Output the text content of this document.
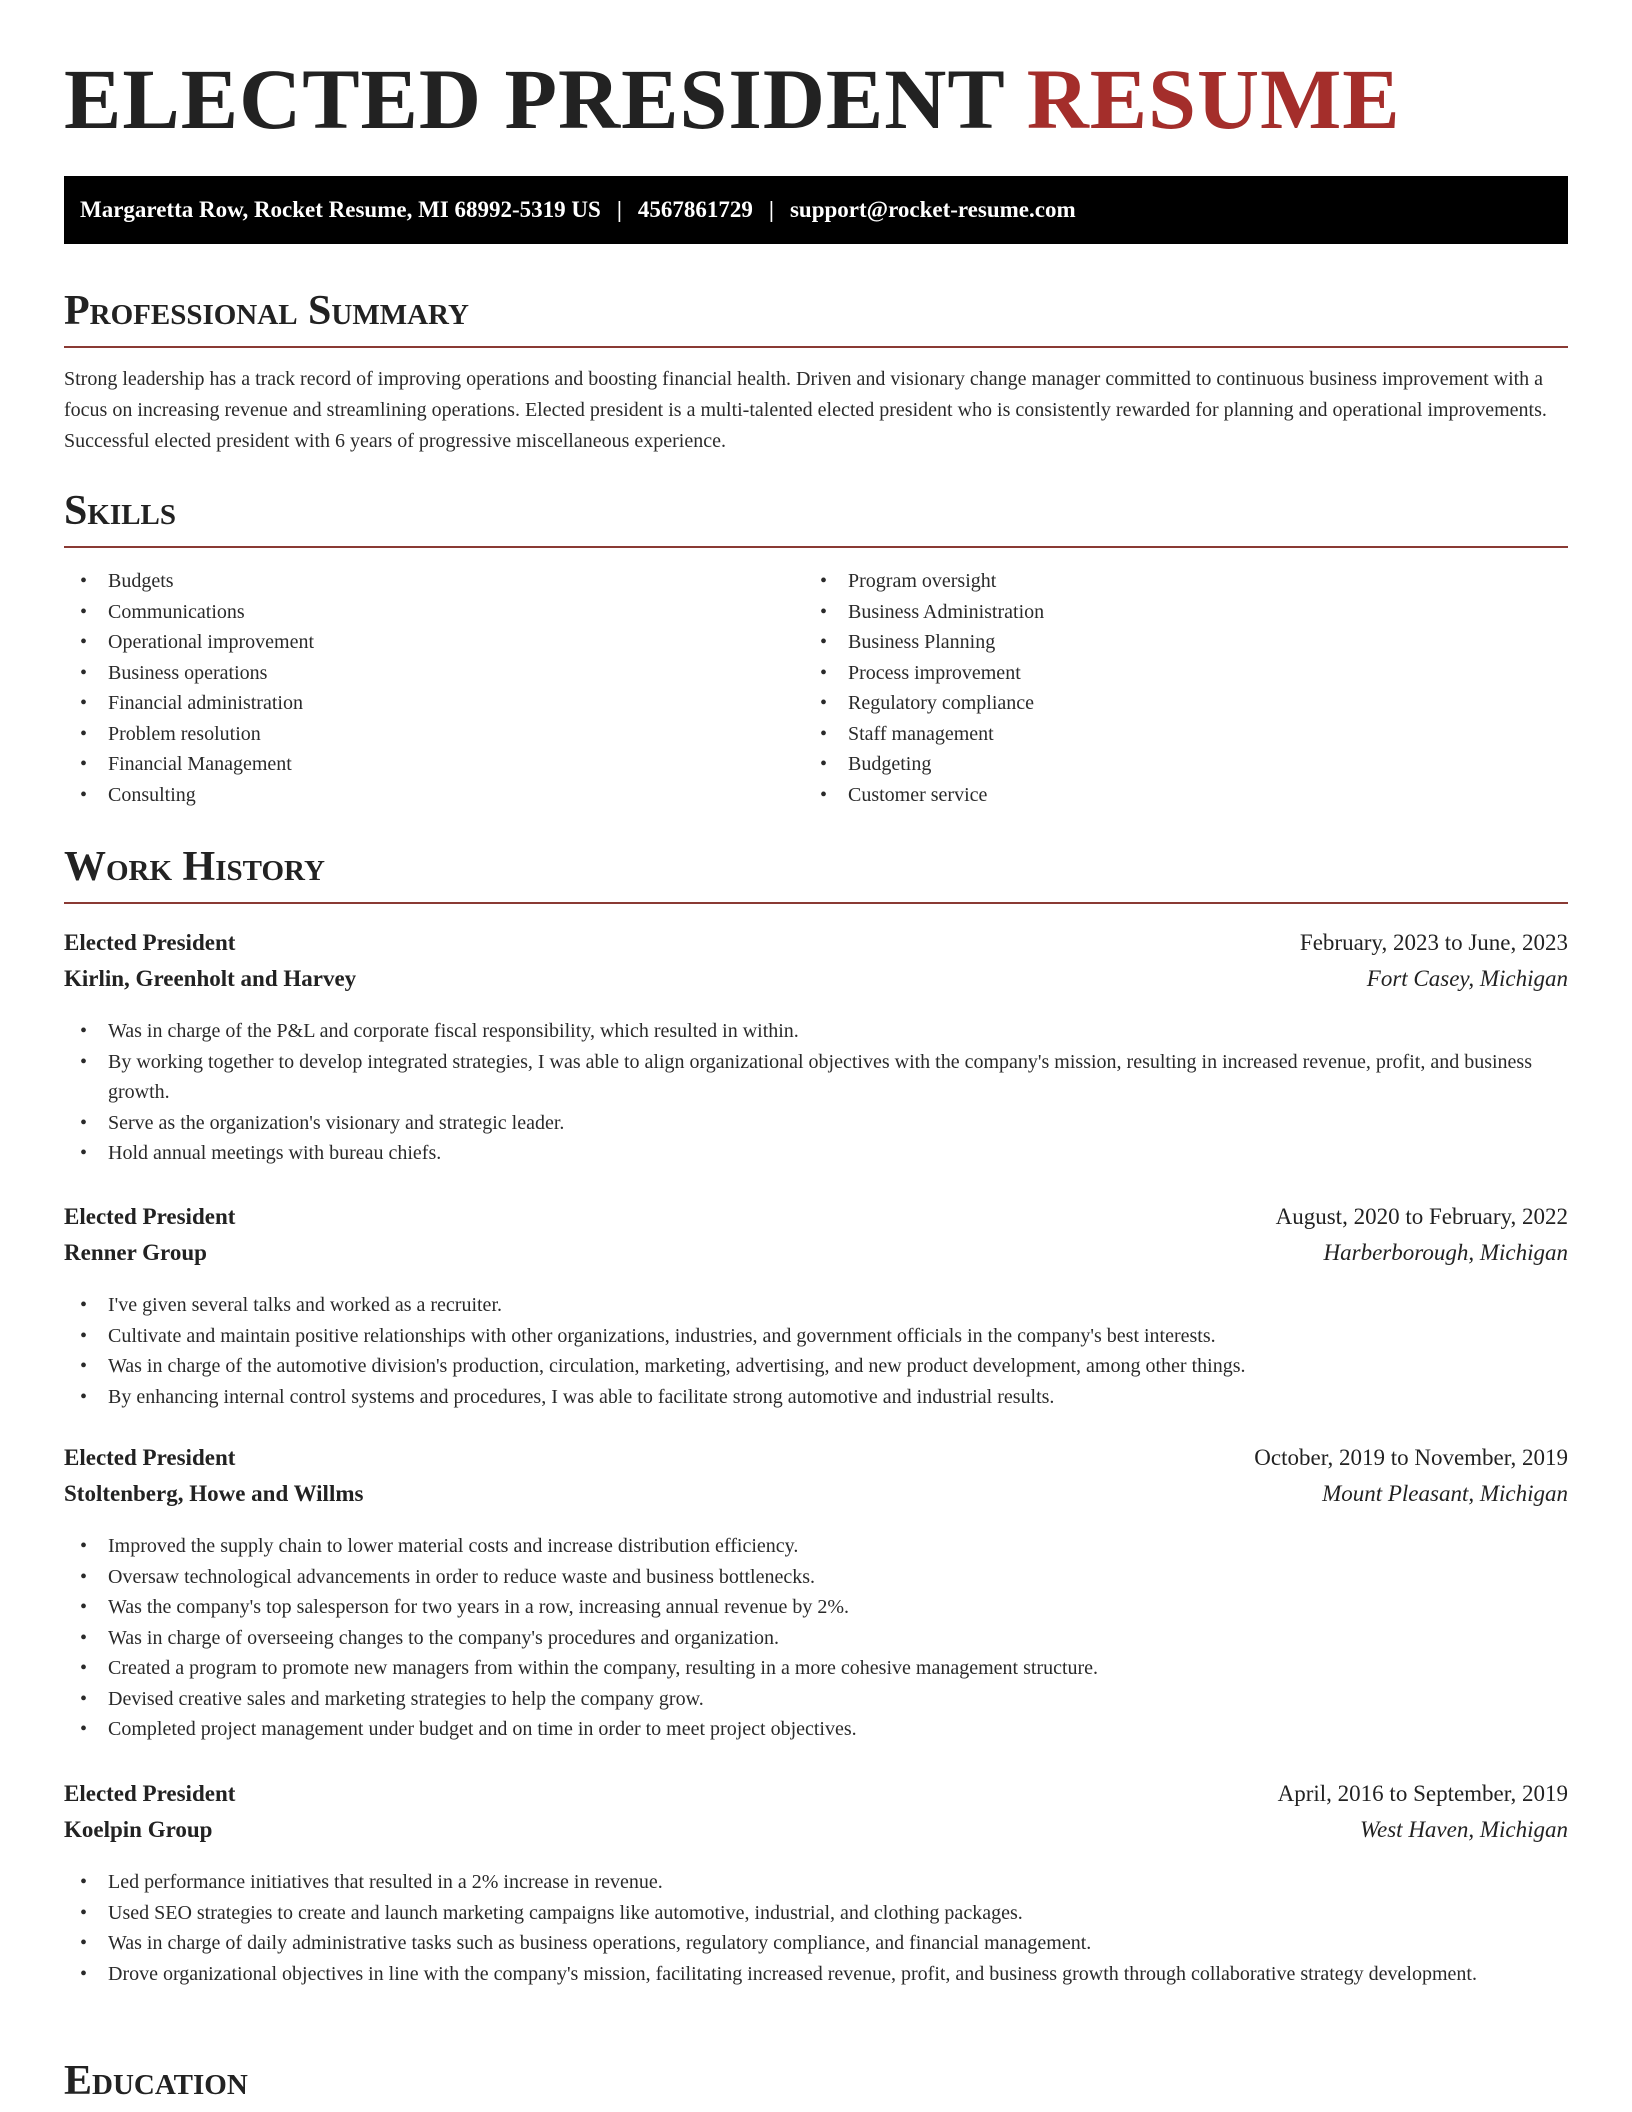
ELECTED PRESIDENT RESUME
Margaretta Row, Rocket Resume, MI 68992-5319 US | 4567861729 | support@rocket-resume.com
Professional Summary

Strong leadership has a track record of improving operations and boosting financial health. Driven and visionary change manager committed to continuous business improvement with a focus on increasing revenue and streamlining operations. Elected president is a multi-talented elected president who is consistently rewarded for planning and operational improvements. Successful elected president with 6 years of progressive miscellaneous experience.

Skills
• Budgets
• Communications
• Operational improvement
• Business operations
• Financial administration
• Problem resolution
• Financial Management
• Consulting
• Program oversight
• Business Administration
• Business Planning
• Process improvement
• Regulatory compliance
• Staff management
• Budgeting
• Customer service
Work History
Elected President	February, 2023 to June, 2023
Kirlin, Greenholt and Harvey	Fort Casey, Michigan
• Was in charge of the P&L and corporate fiscal responsibility, which resulted in within.
• By working together to develop integrated strategies, I was able to align organizational objectives with the company's mission, resulting in increased revenue, profit, and business growth.
• Serve as the organization's visionary and strategic leader.
• Hold annual meetings with bureau chiefs.
Elected President	August, 2020 to February, 2022
Renner Group	Harberborough, Michigan
• I've given several talks and worked as a recruiter.
• Cultivate and maintain positive relationships with other organizations, industries, and government officials in the company's best interests.
• Was in charge of the automotive division's production, circulation, marketing, advertising, and new product development, among other things.
• By enhancing internal control systems and procedures, I was able to facilitate strong automotive and industrial results.
Elected President	October, 2019 to November, 2019
Stoltenberg, Howe and Willms	Mount Pleasant, Michigan
• Improved the supply chain to lower material costs and increase distribution efficiency.
• Oversaw technological advancements in order to reduce waste and business bottlenecks.
• Was the company's top salesperson for two years in a row, increasing annual revenue by 2%.
• Was in charge of overseeing changes to the company's procedures and organization.
• Created a program to promote new managers from within the company, resulting in a more cohesive management structure.
• Devised creative sales and marketing strategies to help the company grow.
• Completed project management under budget and on time in order to meet project objectives.
Elected President	April, 2016 to September, 2019
Koelpin Group	West Haven, Michigan
• Led performance initiatives that resulted in a 2% increase in revenue.
• Used SEO strategies to create and launch marketing campaigns like automotive, industrial, and clothing packages.
• Was in charge of daily administrative tasks such as business operations, regulatory compliance, and financial management.
• Drove organizational objectives in line with the company's mission, facilitating increased revenue, profit, and business growth through collaborative strategy development.
Education
